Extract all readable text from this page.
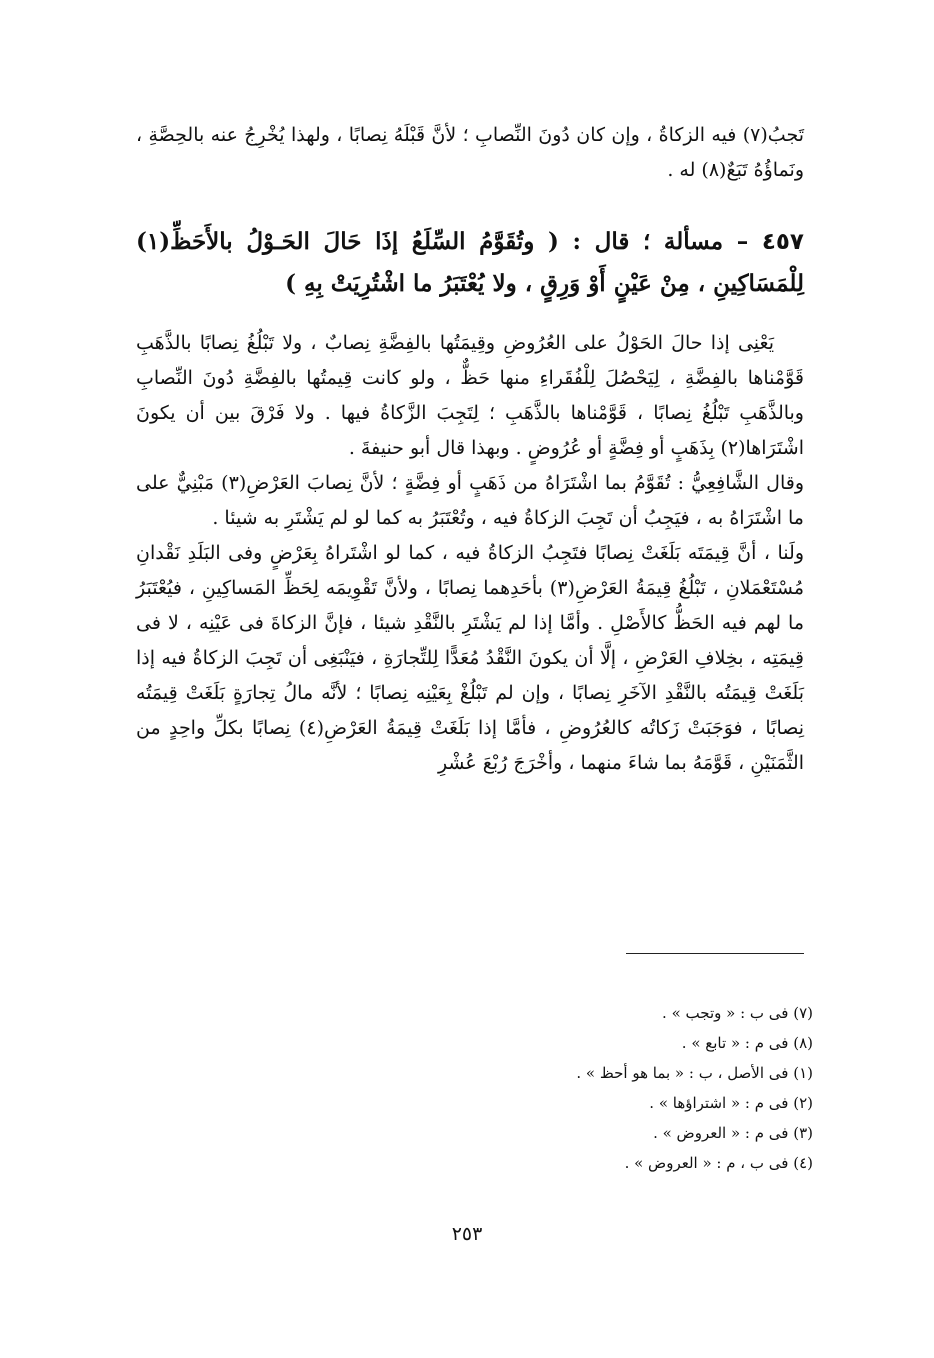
تَجبُ(٧) فيه الزكاةُ ، وإن كان دُونَ النِّصابِ ؛ لأنَّ قَبْلَهُ نِصابًا ، ولهذا يُخْرِجُ عنه بالحِصَّةِ ، ونَماؤُهُ تَبَعٌ(٨) له .

٤٥٧ – مسألة ؛ قال : ( وتُقَوَّمُ السِّلَعُ إذَا حَالَ الحَـوْلُ بالأَحَظِّ(١) لِلْمَسَاكِينِ ، مِنْ عَيْنٍ أَوْ وَرِقٍ ، ولا يُعْتَبَرُ ما اشْتُرِيَتْ بِهِ )

يَعْنِى إذا حالَ الحَوْلُ على العُرُوضِ وقِيمَتُها بالفِضَّةِ نِصابٌ ، ولا تَبْلُغُ نِصابًا بالذَّهَبِ قَوَّمْناها بالفِضَّةِ ، لِيَحْصُلَ لِلْفُقَراءِ منها حَظٌّ ، ولو كانت قِيمتُها بالفِضَّةِ دُونَ النِّصابِ وبالذَّهَبِ تَبْلُغُ نِصابًا ، قَوَّمْناها بالذَّهَبِ ؛ لِتَجِبَ الزَّكاةُ فيها . ولا فَرْقَ بين أن يكونَ اشْتَرَاها(٢) بِذَهَبٍ أو فِضَّةٍ أو عُرُوضٍ . وبهذا قال أبو حنيفةَ .

وقال الشَّافِعِيُّ : تُقَوَّمُ بما اشْتَرَاهُ من ذَهَبٍ أو فِضَّةٍ ؛ لأنَّ نِصابَ العَرْضِ(٣) مَبْنِيٌّ على ما اشْتَرَاهُ به ، فيَجِبُ أن تَجِبَ الزكاةُ فيه ، وتُعْتَبَرُ به كما لو لم يَشْتَرِ به شيئا .

ولَنا ، أنَّ قِيمَتَه بَلَغَتْ نِصابًا فتَجِبُ الزكاةُ فيه ، كما لو اشْتَراهُ بِعَرْضٍ وفى البَلَدِ نَقْدانِ مُسْتَعْمَلانِ ، تَبْلُغُ قِيمَةُ العَرْضِ(٣) بأحَدِهما نِصابًا ، ولأنَّ تَقْوِيمَه لِحَظِّ المَساكِينِ ، فيُعْتَبَرُ ما لهم فيه الحَظُّ كالأَصْلِ . وأمَّا إذا لم يَشْتَرِ بالنَّقْدِ شيئا ، فإنَّ الزكاةَ فى عَيْنِه ، لا فى قِيمَتِه ، بخِلافِ العَرْضِ ، إلَّا أن يكونَ النَّقْدُ مُعَدًّا لِلتِّجارَةِ ، فيَنْبَغِى أن تَجِبَ الزكاةُ فيه إذا بَلَغَتْ قِيمَتُه بالنَّقْدِ الآخَرِ نِصابًا ، وإن لم تَبْلُغْ بِعَيْنِه نِصابًا ؛ لأنَّه مالُ تِجارَةٍ بَلَغَتْ قِيمَتُه نِصابًا ، فوَجَبَتْ زَكاتُه كالعُرُوضِ ، فأمَّا إذا بَلَغَتْ قِيمَةُ العَرْضِ(٤) نِصابًا بكلِّ واحِدٍ من الثَّمَنَيْنِ ، قَوَّمَهُ بما شاءَ منهما ، وأخْرَجَ رُبْعَ عُشْرِ

(٧) فى ب : « وتجب » .
(٨) فى م : « تابع » .
(١) فى الأصل ، ب : « بما هو أحظ » .
(٢) فى م : « اشتراؤها » .
(٣) فى م : « العروض » .
(٤) فى ب ، م : « العروض » .
٢٥٣
